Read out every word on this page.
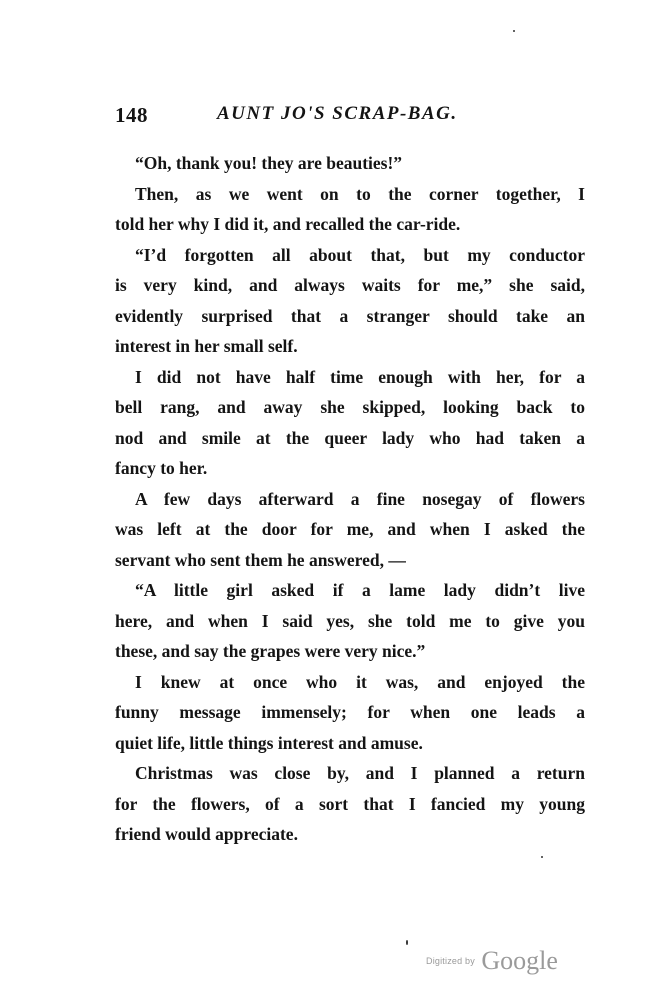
148	AUNT JO'S SCRAP-BAG.
“Oh, thank you! they are beauties!”
Then, as we went on to the corner together, I
told her why I did it, and recalled the car-ride.
“I’d forgotten all about that, but my conductor
is very kind, and always waits for me,” she said,
evidently surprised that a stranger should take an
interest in her small self.
I did not have half time enough with her, for a
bell rang, and away she skipped, looking back to
nod and smile at the queer lady who had taken a
fancy to her.
A few days afterward a fine nosegay of flowers
was left at the door for me, and when I asked the
servant who sent them he answered, —
“A little girl asked if a lame lady didn’t live
here, and when I said yes, she told me to give you
these, and say the grapes were very nice.”
I knew at once who it was, and enjoyed the
funny message immensely; for when one leads a
quiet life, little things interest and amuse.
Christmas was close by, and I planned a return
for the flowers, of a sort that I fancied my young
friend would appreciate.
Digitized by Google
